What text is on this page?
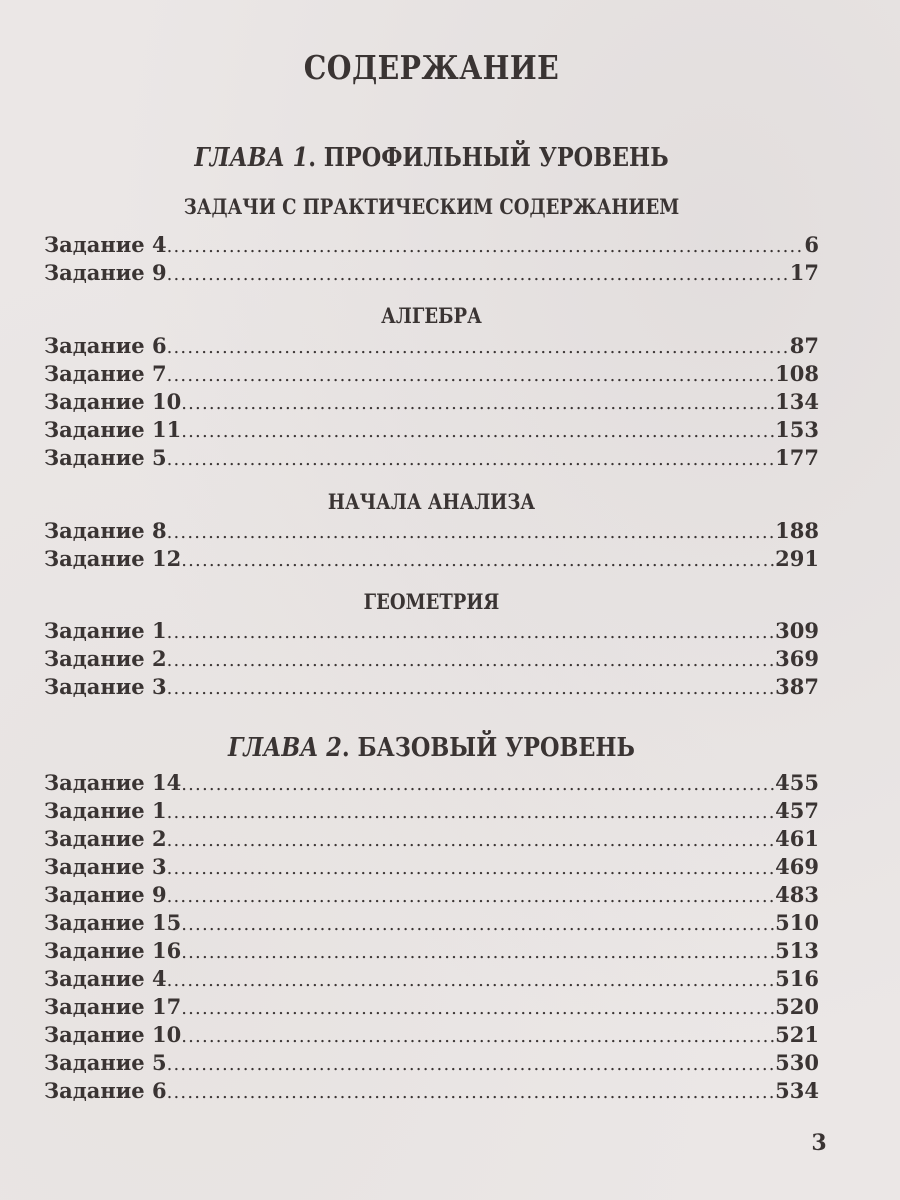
СОДЕРЖАНИЕ
ГЛАВА 1. ПРОФИЛЬНЫЙ УРОВЕНЬ
ЗАДАЧИ С ПРАКТИЧЕСКИМ СОДЕРЖАНИЕМ
Задание 4 .....	6
Задание 9 .....	17
АЛГЕБРА
Задание 6 .....	87
Задание 7 .....	108
Задание 10 .....	134
Задание 11 .....	153
Задание 5 .....	177
НАЧАЛА АНАЛИЗА
Задание 8 .....	188
Задание 12 .....	291
ГЕОМЕТРИЯ
Задание 1 .....	309
Задание 2 .....	369
Задание 3 .....	387
ГЛАВА 2. БАЗОВЫЙ УРОВЕНЬ
Задание 14 .....	455
Задание 1 .....	457
Задание 2 .....	461
Задание 3 .....	469
Задание 9 .....	483
Задание 15 .....	510
Задание 16 .....	513
Задание 4 .....	516
Задание 17 .....	520
Задание 10 .....	521
Задание 5 .....	530
Задание 6 .....	534
3
